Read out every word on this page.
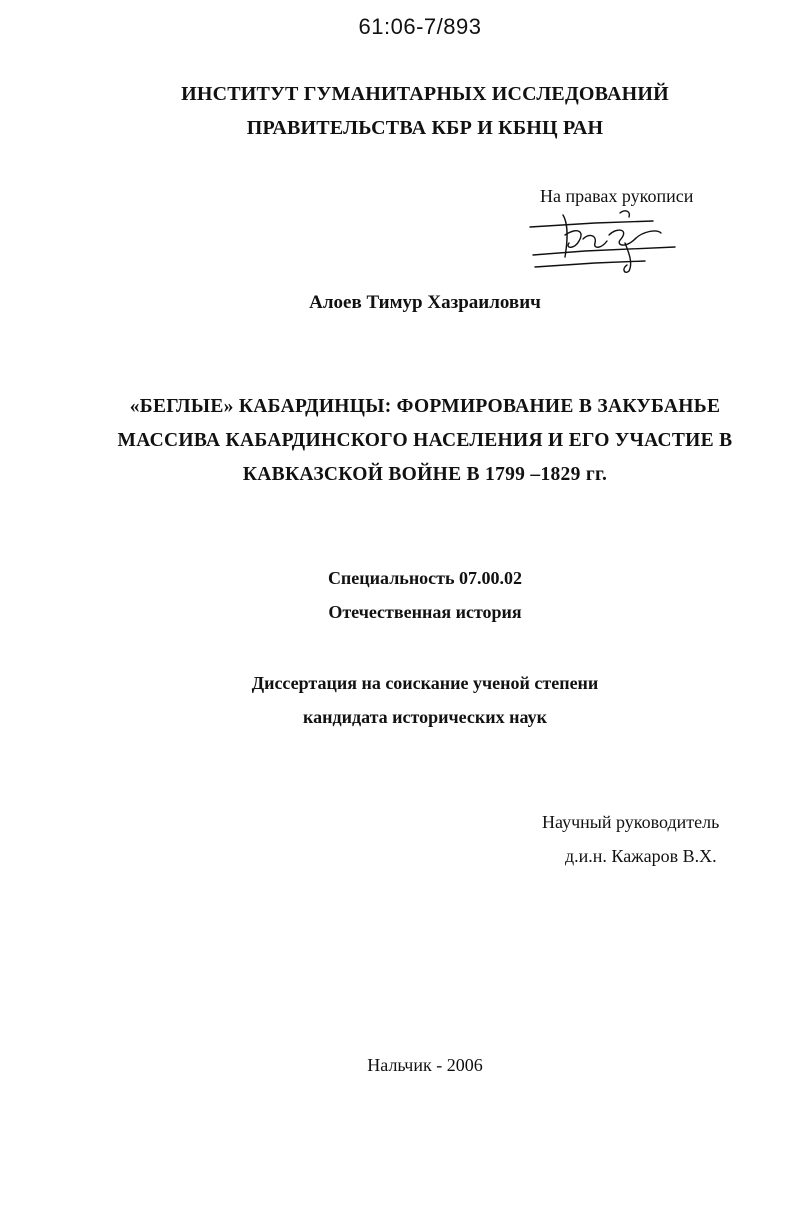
61:06-7/893
ИНСТИТУТ ГУМАНИТАРНЫХ ИССЛЕДОВАНИЙ
ПРАВИТЕЛЬСТВА КБР И КБНЦ РАН
На правах рукописи
Алоев Тимур Хазраилович
«БЕГЛЫЕ» КАБАРДИНЦЫ: ФОРМИРОВАНИЕ В ЗАКУБАНЬЕ
МАССИВА КАБАРДИНСКОГО НАСЕЛЕНИЯ И ЕГО УЧАСТИЕ В
КАВКАЗСКОЙ ВОЙНЕ В 1799 –1829 гг.
Специальность 07.00.02
Отечественная история
Диссертация на соискание ученой степени
кандидата исторических наук
Научный руководитель
д.и.н. Кажаров В.Х.
Нальчик - 2006
